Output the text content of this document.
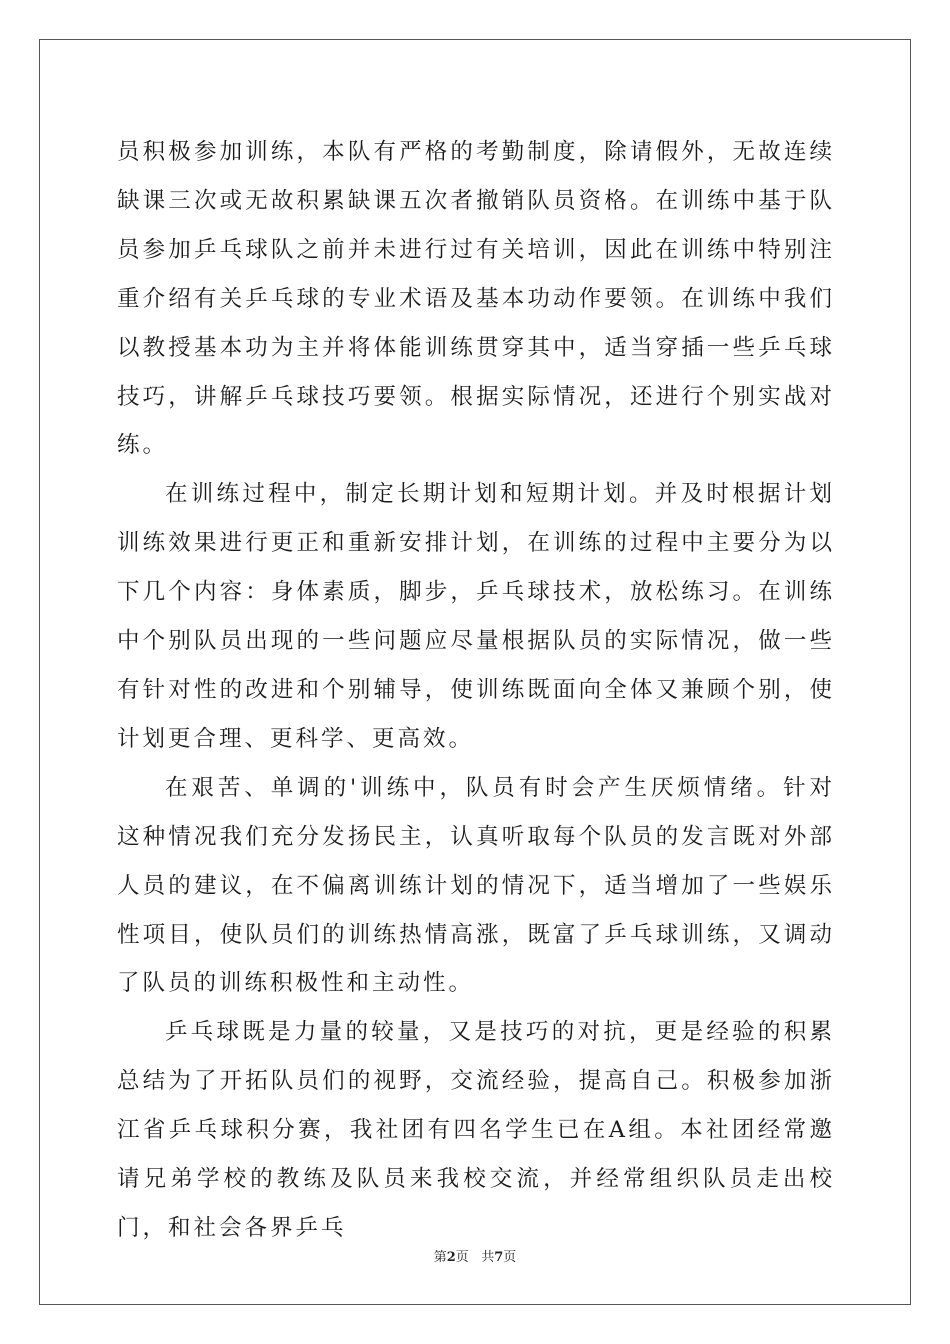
员积极参加训练，本队有严格的考勤制度，除请假外，无故连续缺课三次或无故积累缺课五次者撤销队员资格。在训练中基于队员参加乒乓球队之前并未进行过有关培训，因此在训练中特别注重介绍有关乒乓球的专业术语及基本功动作要领。在训练中我们以教授基本功为主并将体能训练贯穿其中，适当穿插一些乒乓球技巧，讲解乒乓球技巧要领。根据实际情况，还进行个别实战对练。

在训练过程中，制定长期计划和短期计划。并及时根据计划训练效果进行更正和重新安排计划，在训练的过程中主要分为以下几个内容：身体素质，脚步，乒乓球技术，放松练习。在训练中个别队员出现的一些问题应尽量根据队员的实际情况，做一些有针对性的改进和个别辅导，使训练既面向全体又兼顾个别，使计划更合理、更科学、更高效。

在艰苦、单调的'训练中，队员有时会产生厌烦情绪。针对这种情况我们充分发扬民主，认真听取每个队员的发言既对外部人员的建议，在不偏离训练计划的情况下，适当增加了一些娱乐性项目，使队员们的训练热情高涨，既富了乒乓球训练，又调动了队员的训练积极性和主动性。

乒乓球既是力量的较量，又是技巧的对抗，更是经验的积累总结为了开拓队员们的视野，交流经验，提高自己。积极参加浙江省乒乓球积分赛，我社团有四名学生已在A组。本社团经常邀请兄弟学校的教练及队员来我校交流，并经常组织队员走出校门，和社会各界乒乓

第2页 共7页
